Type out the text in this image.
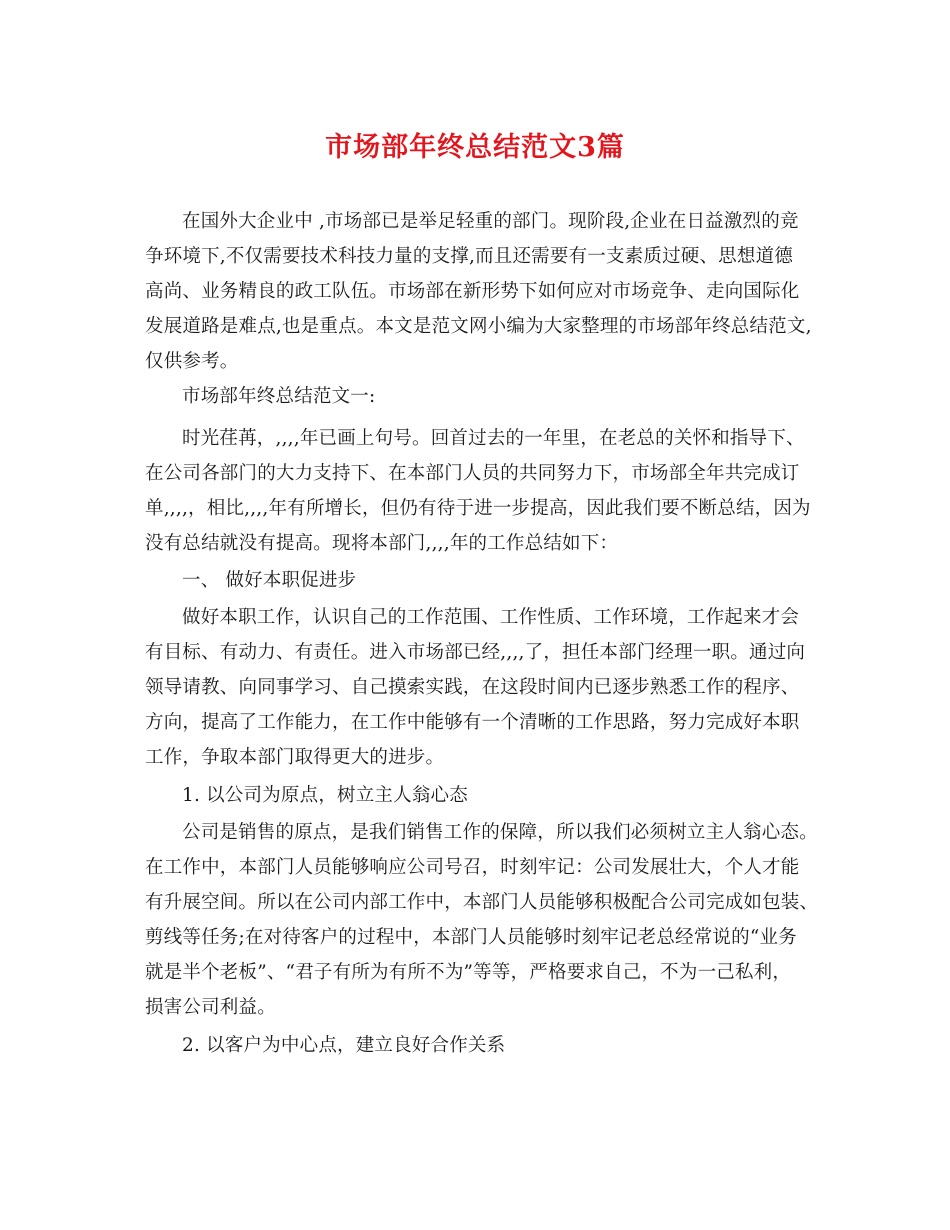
市场部年终总结范文3篇
在国外大企业中 ,市场部已是举足轻重的部门。现阶段,企业在日益激烈的竞
争环境下,不仅需要技术科技力量的支撑,而且还需要有一支素质过硬、思想道德
高尚、业务精良的政工队伍。市场部在新形势下如何应对市场竞争、走向国际化
发展道路是难点,也是重点。本文是范文网小编为大家整理的市场部年终总结范文,
仅供参考。
市场部年终总结范文一:
时光荏苒，,,,,年已画上句号。回首过去的一年里，在老总的关怀和指导下、
在公司各部门的大力支持下、在本部门人员的共同努力下，市场部全年共完成订
单,,,,，相比,,,,年有所增长，但仍有待于进一步提高，因此我们要不断总结，因为
没有总结就没有提高。现将本部门,,,,年的工作总结如下：
一、 做好本职促进步
做好本职工作，认识自己的工作范围、工作性质、工作环境，工作起来才会
有目标、有动力、有责任。进入市场部已经,,,,了，担任本部门经理一职。通过向
领导请教、向同事学习、自己摸索实践，在这段时间内已逐步熟悉工作的程序、
方向，提高了工作能力，在工作中能够有一个清晰的工作思路，努力完成好本职
工作，争取本部门取得更大的进步。
1. 以公司为原点，树立主人翁心态
公司是销售的原点，是我们销售工作的保障，所以我们必须树立主人翁心态。
在工作中，本部门人员能够响应公司号召，时刻牢记：公司发展壮大，个人才能
有升展空间。所以在公司内部工作中，本部门人员能够积极配合公司完成如包装、
剪线等任务;在对待客户的过程中，本部门人员能够时刻牢记老总经常说的“业务
就是半个老板”、“君子有所为有所不为”等等，严格要求自己，不为一己私利，
损害公司利益。
2. 以客户为中心点，建立良好合作关系
